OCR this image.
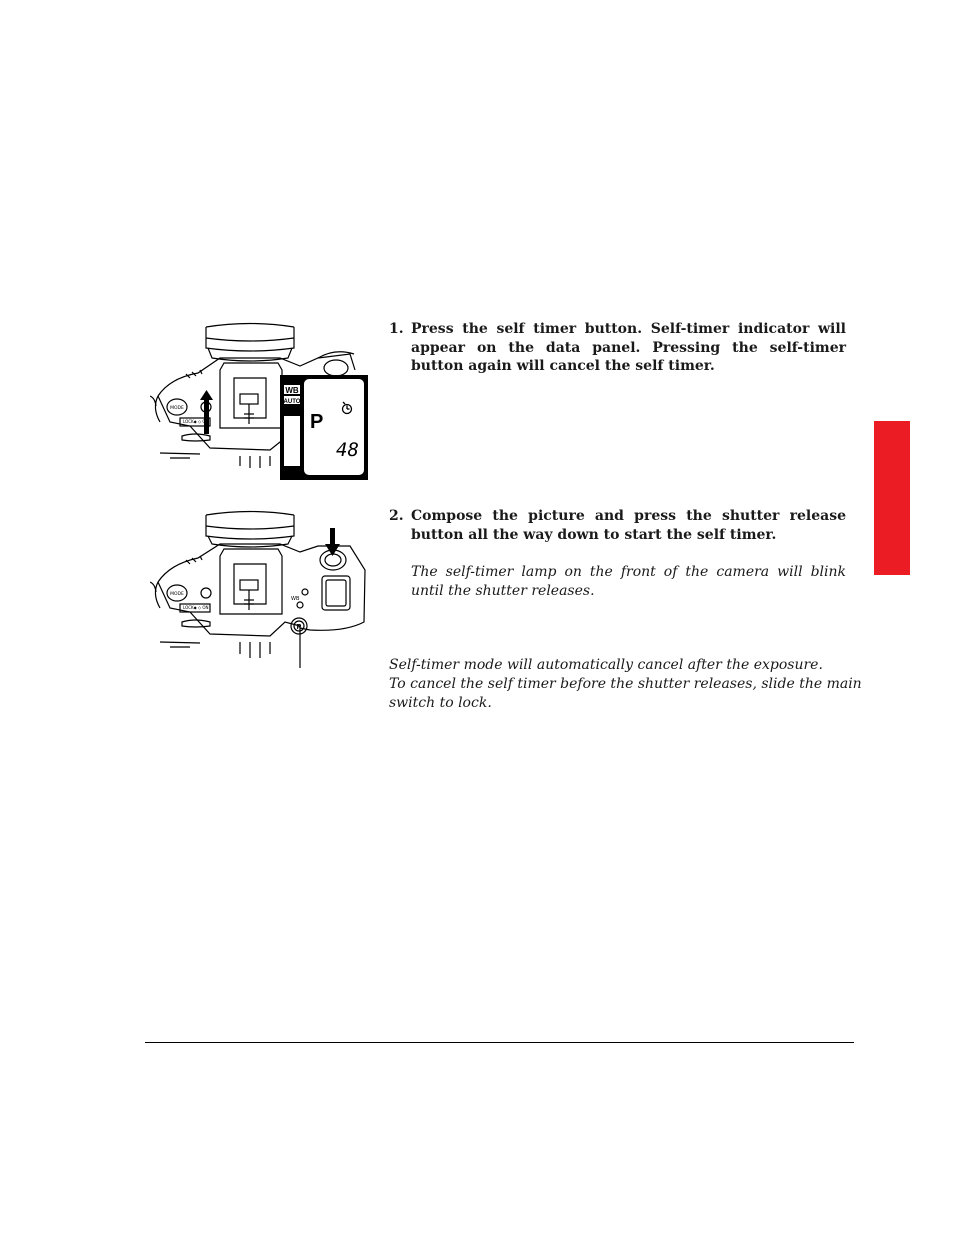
MODE
LOCK◆ ◇ ON
WB
AUTO
P
48
MODE
LOCK◆ ◇ ON
WB
P
1. Press the self timer button. Self-timer indicator will appear on the data panel. Pressing the self-timer button again will cancel the self timer.
2. Compose the picture and press the shutter release button all the way down to start the self timer.
The self-timer lamp on the front of the camera will blink until the shutter releases.
Self-timer mode will automatically cancel after the exposure.
To cancel the self timer before the shutter releases, slide the main
switch to lock.
